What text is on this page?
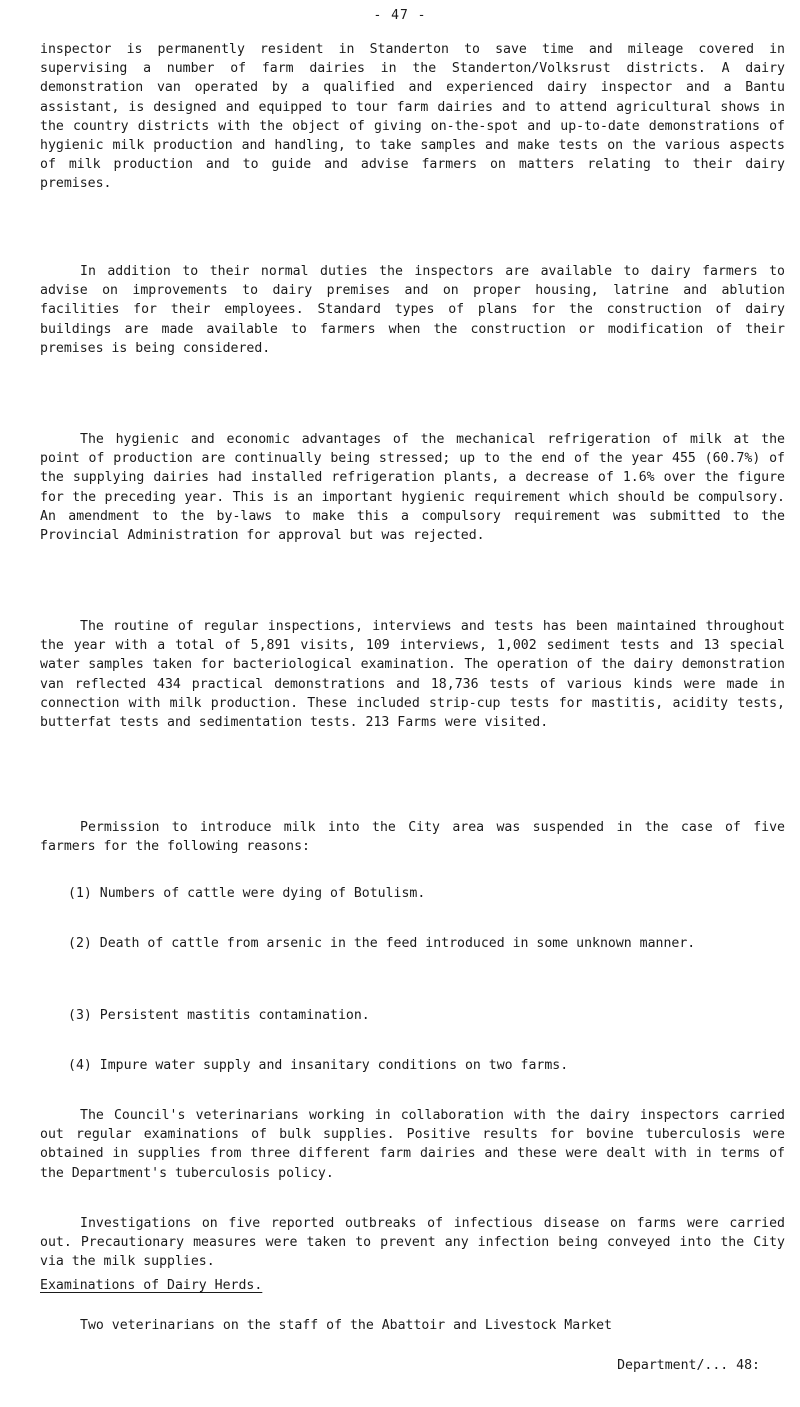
- 47 -

inspector is permanently resident in Standerton to save time and mileage covered in supervising a number of farm dairies in the Standerton/Volksrust districts. A dairy demonstration van operated by a qualified and experienced dairy inspector and a Bantu assistant, is designed and equipped to tour farm dairies and to attend agricultural shows in the country districts with the object of giving on-the-spot and up-to-date demonstrations of hygienic milk production and handling, to take samples and make tests on the various aspects of milk production and to guide and advise farmers on matters relating to their dairy premises.

In addition to their normal duties the inspectors are available to dairy farmers to advise on improvements to dairy premises and on proper housing, latrine and ablution facilities for their employees. Standard types of plans for the construction of dairy buildings are made available to farmers when the construction or modification of their premises is being considered.

The hygienic and economic advantages of the mechanical refrigeration of milk at the point of production are continually being stressed; up to the end of the year 455 (60.7%) of the supplying dairies had installed refrigeration plants, a decrease of 1.6% over the figure for the preceding year. This is an important hygienic requirement which should be compulsory. An amendment to the by-laws to make this a compulsory requirement was submitted to the Provincial Administration for approval but was rejected.

The routine of regular inspections, interviews and tests has been maintained throughout the year with a total of 5,891 visits, 109 interviews, 1,002 sediment tests and 13 special water samples taken for bacteriological examination. The operation of the dairy demonstration van reflected 434 practical demonstrations and 18,736 tests of various kinds were made in connection with milk production. These included strip-cup tests for mastitis, acidity tests, butterfat tests and sedimentation tests. 213 Farms were visited.

Permission to introduce milk into the City area was suspended in the case of five farmers for the following reasons:

(1) Numbers of cattle were dying of Botulism.

(2) Death of cattle from arsenic in the feed introduced in some unknown manner.

(3) Persistent mastitis contamination.

(4) Impure water supply and insanitary conditions on two farms.

The Council's veterinarians working in collaboration with the dairy inspectors carried out regular examinations of bulk supplies. Positive results for bovine tuberculosis were obtained in supplies from three different farm dairies and these were dealt with in terms of the Department's tuberculosis policy.

Investigations on five reported outbreaks of infectious disease on farms were carried out. Precautionary measures were taken to prevent any infection being conveyed into the City via the milk supplies.

Examinations of Dairy Herds.

Two veterinarians on the staff of the Abattoir and Livestock Market

Department/... 48:
